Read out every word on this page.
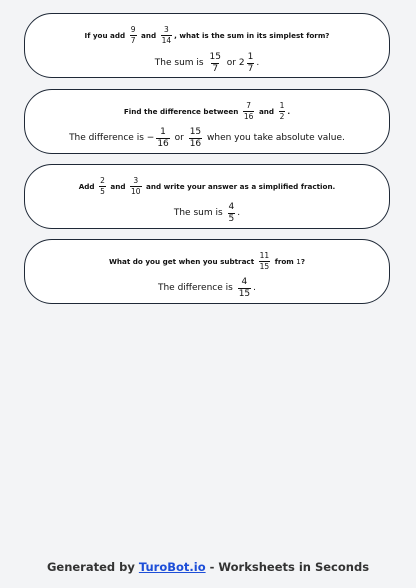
If you add $\frac{9}{7}$ and $\frac{3}{14}$ , what is the sum in its simplest form?
The sum is $\frac{15}{7}$ or $2 \frac{1}{7}$ .
Find the difference between $\frac{7}{16}$ and $\frac{1}{2}$ .
The difference is − $\frac{1}{16}$ or $\frac{15}{16}$ when you take absolute value.
Add $\frac{2}{5}$ and $\frac{3}{10}$ and write your answer as a simplified fraction.
The sum is $\frac{4}{5}$ .
What do you get when you subtract $\frac{11}{15}$ from 1 ?
The difference is $\frac{4}{15}$ .
Generated by TuroBot.io - Worksheets in Seconds
